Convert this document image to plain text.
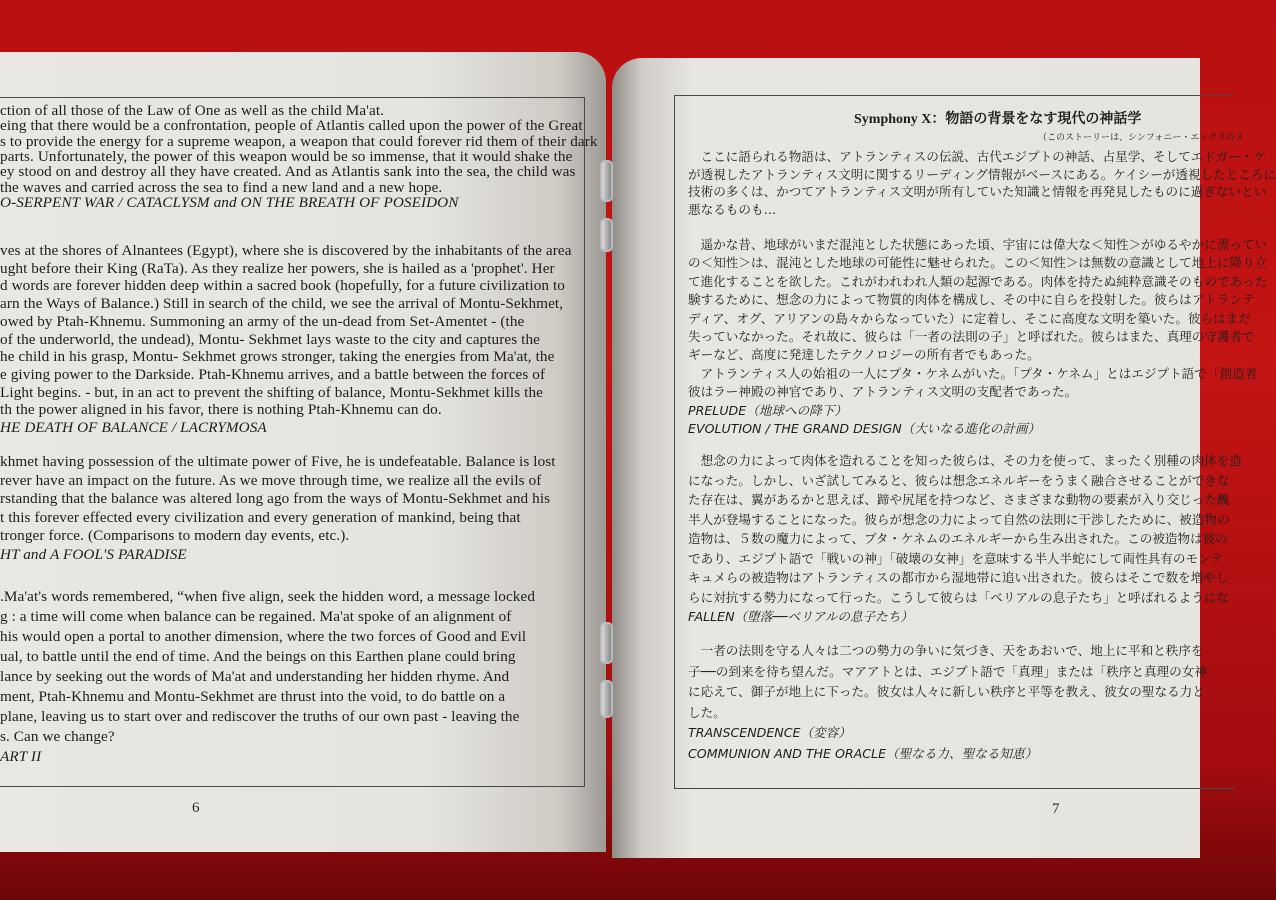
ction of all those of the Law of One as well as the child Ma'at.
eing that there would be a confrontation, people of Atlantis called upon the power of the Great
s to provide the energy for a supreme weapon, a weapon that could forever rid them of their dark
parts. Unfortunately, the power of this weapon would be so immense, that it would shake the
ey stood on and destroy all they have created. And as Atlantis sank into the sea, the child was
the waves and carried across the sea to find a new land and a new hope.
O-SERPENT WAR / CATACLYSM and ON THE BREATH OF POSEIDON
ves at the shores of Alnantees (Egypt), where she is discovered by the inhabitants of the area
ught before their King (RaTa). As they realize her powers, she is hailed as a 'prophet'. Her
d words are forever hidden deep within a sacred book (hopefully, for a future civilization to
arn the Ways of Balance.) Still in search of the child, we see the arrival of Montu-Sekhmet,
owed by Ptah-Khnemu. Summoning an army of the un-dead from Set-Amentet - (the
of the underworld, the undead), Montu- Sekhmet lays waste to the city and captures the
he child in his grasp, Montu- Sekhmet grows stronger, taking the energies from Ma'at, the
e giving power to the Darkside. Ptah-Khnemu arrives, and a battle between the forces of
Light begins. - but, in an act to prevent the shifting of balance, Montu-Sekhmet kills the
th the power aligned in his favor, there is nothing Ptah-Khnemu can do.
HE DEATH OF BALANCE / LACRYMOSA
khmet having possession of the ultimate power of Five, he is undefeatable. Balance is lost
rever have an impact on the future. As we move through time, we realize all the evils of
rstanding that the balance was altered long ago from the ways of Montu-Sekhmet and his
t this forever effected every civilization and every generation of mankind, being that
tronger force. (Comparisons to modern day events, etc.).
HT and A FOOL'S PARADISE
.Ma'at's words remembered, “when five align, seek the hidden word, a message locked
g : a time will come when balance can be regained. Ma'at spoke of an alignment of
his would open a portal to another dimension, where the two forces of Good and Evil
ual, to battle until the end of time. And the beings on this Earthen plane could bring
lance by seeking out the words of Ma'at and understanding her hidden rhyme. And
ment, Ptah-Khnemu and Montu-Sekhmet are thrust into the void, to do battle on a
plane, leaving us to start over and rediscover the truths of our own past - leaving the
s. Can we change?
ART II
6
Symphony X：物語の背景をなす現代の神話学
（このストーリーは、シンフォニー・エックスのメ
　ここに語られる物語は、アトランティスの伝説、古代エジプトの神話、占星学、そしてエドガー・ケ
が透視したアトランティス文明に関するリーディング情報がベースにある。ケイシーが透視したところに
技術の多くは、かつてアトランティス文明が所有していた知識と情報を再発見したものに過ぎないとい
悪なるものも…
　遥かな昔、地球がいまだ混沌とした状態にあった頃、宇宙には偉大な＜知性＞がゆるやかに漂ってい
の＜知性＞は、混沌とした地球の可能性に魅せられた。この＜知性＞は無数の意識として地上に降り立
て進化することを欲した。これがわれわれ人類の起源である。肉体を持たぬ純粋意識そのものであった
験するために、想念の力によって物質的肉体を構成し、その中に自らを投射した。彼らはアトランテ
ディア、オグ、アリアンの島々からなっていた）に定着し、そこに高度な文明を築いた。彼らはまだ
失っていなかった。それ故に、彼らは「一者の法則の子」と呼ばれた。彼らはまた、真理の守護者で
ギーなど、高度に発達したテクノロジーの所有者でもあった。
　アトランティス人の始祖の一人にプタ・ケネムがいた。「プタ・ケネム」とはエジプト語で「創造者
彼はラー神殿の神官であり、アトランティス文明の支配者であった。
PRELUDE（地球への降下）
EVOLUTION / THE GRAND DESIGN（大いなる進化の計画）
　想念の力によって肉体を造れることを知った彼らは、その力を使って、まったく別種の肉体を造
になった。しかし、いざ試してみると、彼らは想念エネルギーをうまく融合させることができな
た存在は、翼があるかと思えば、蹄や尻尾を持つなど、さまざまな動物の要素が入り交じった醜
半人が登場することになった。彼らが想念の力によって自然の法則に干渉したために、被造物の
造物は、５数の魔力によって、プタ・ケネムのエネルギーから生み出された。この被造物は彼の
であり、エジプト語で「戦いの神」「破壊の女神」を意味する半人半蛇にして両性具有のモンテ
キュメらの被造物はアトランティスの都市から湿地帯に追い出された。彼らはそこで数を増やし
らに対抗する勢力になって行った。こうして彼らは「ベリアルの息子たち」と呼ばれるようにな
FALLEN（堕落──ベリアルの息子たち）
　一者の法則を守る人々は二つの勢力の争いに気づき、天をあおいで、地上に平和と秩序を
子──の到来を待ち望んだ。マアアトとは、エジプト語で「真理」または「秩序と真理の女神
に応えて、御子が地上に下った。彼女は人々に新しい秩序と平等を教え、彼女の聖なる力と
した。
TRANSCENDENCE（変容）
COMMUNION AND THE ORACLE（聖なる力、聖なる知恵）
7
